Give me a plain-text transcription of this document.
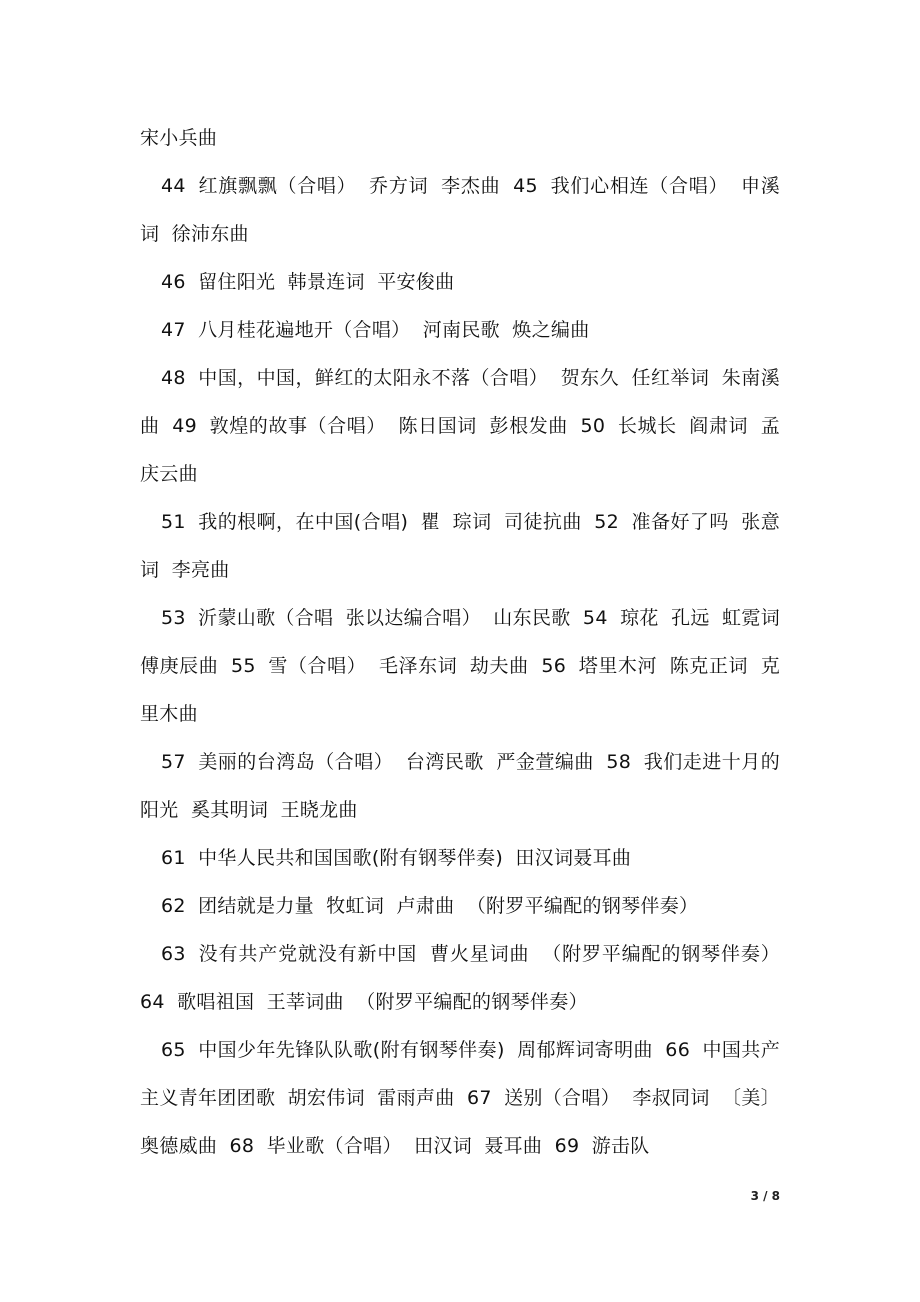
宋小兵曲

44 红旗飘飘（合唱） 乔方词 李杰曲 45 我们心相连（合唱） 申溪词 徐沛东曲

46 留住阳光 韩景连词 平安俊曲

47 八月桂花遍地开（合唱） 河南民歌 焕之编曲

48 中国，中国，鲜红的太阳永不落（合唱） 贺东久 任红举词 朱南溪曲 49 敦煌的故事（合唱） 陈日国词 彭根发曲 50 长城长 阎肃词 孟庆云曲

51 我的根啊，在中国(合唱) 瞿 琮词 司徒抗曲 52 准备好了吗 张意词 李亮曲

53 沂蒙山歌（合唱 张以达编合唱） 山东民歌 54 琼花 孔远 虹霓词 傅庚辰曲 55 雪（合唱） 毛泽东词 劫夫曲 56 塔里木河 陈克正词 克里木曲

57 美丽的台湾岛（合唱） 台湾民歌 严金萱编曲 58 我们走进十月的阳光 奚其明词 王晓龙曲

61 中华人民共和国国歌(附有钢琴伴奏) 田汉词聂耳曲

62 团结就是力量 牧虹词 卢肃曲 （附罗平编配的钢琴伴奏）

63 没有共产党就没有新中国 曹火星词曲 （附罗平编配的钢琴伴奏） 64 歌唱祖国 王莘词曲 （附罗平编配的钢琴伴奏）

65 中国少年先锋队队歌(附有钢琴伴奏) 周郁辉词寄明曲 66 中国共产主义青年团团歌 胡宏伟词 雷雨声曲 67 送别（合唱） 李叔同词 〔美〕奥德威曲 68 毕业歌（合唱） 田汉词 聂耳曲 69 游击队

3 / 8
